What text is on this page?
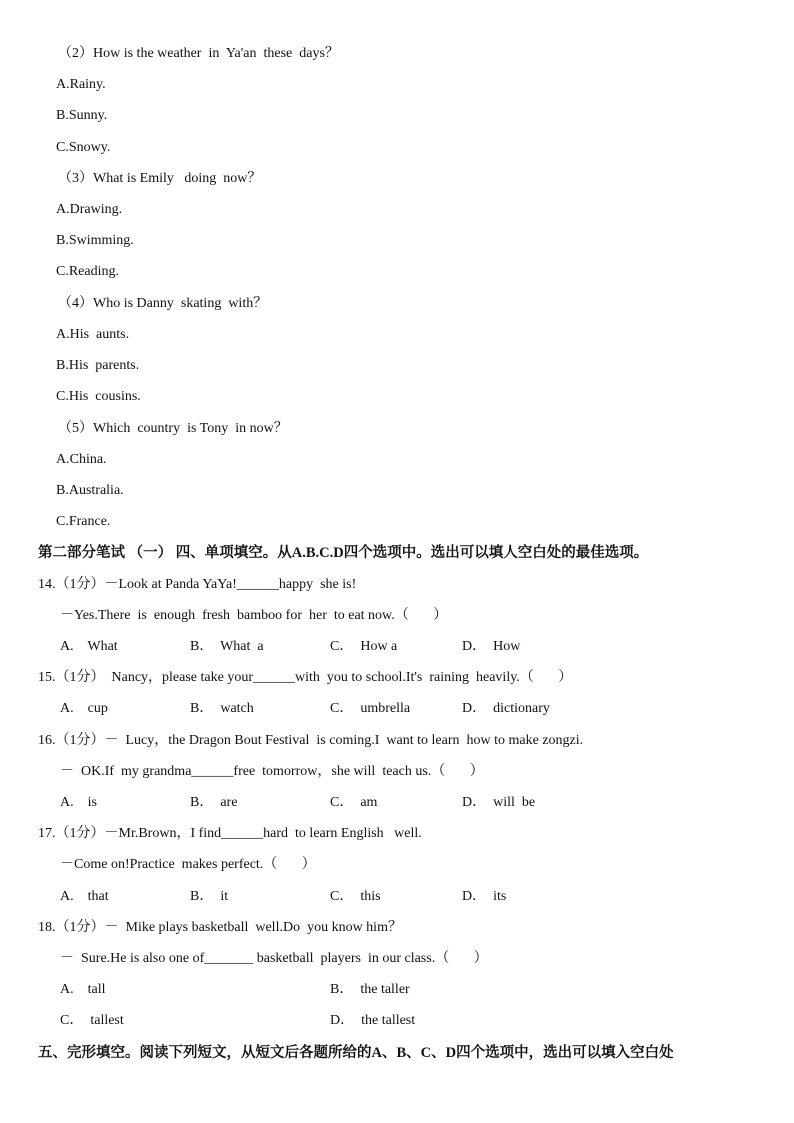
（2）How is the weather  in  Ya'an  these  days？
A.Rainy.
B.Sunny.
C.Snowy.
（3）What is Emily   doing  now？
A.Drawing.
B.Swimming.
C.Reading.
（4）Who is Danny  skating  with？
A.His  aunts.
B.His  parents.
C.His  cousins.
（5）Which  country  is Tony  in now？
A.China.
B.Australia.
C.France.
第二部分笔试 （一） 四、单项填空。从A.B.C.D四个选项中。选出可以填人空白处的最佳选项。
14.（1分）－Look at Panda YaYa!______happy  she is!
－Yes.There  is  enough  fresh  bamboo for  her  to eat now.（       ）
A.    What	B．  What  a	C．  How a	D．  How
15.（1分）  Nancy，please take your______with  you to school.It's  raining  heavily.（       ）
A.    cup	B．  watch	C．  umbrella	D．  dictionary
16.（1分）－  Lucy，the Dragon Bout Festival  is coming.I  want to learn  how to make zongzi.
－  OK.If  my grandma______free  tomorrow，she will  teach us.（       ）
A.    is	B．  are	C．  am	D．  will  be
17.（1分）－Mr.Brown，I find______hard  to learn English   well.
－Come on!Practice  makes perfect.（       ）
A.    that	B．  it	C．  this	D．  its
18.（1分）－  Mike plays basketball  well.Do  you know him？
－  Sure.He is also one of_______ basketball  players  in our class.（       ）
A.    tall	B．  the taller
C．  tallest	D．  the tallest
五、完形填空。阅读下列短文，从短文后各题所给的A、B、C、D四个选项中，选出可以填入空白处
